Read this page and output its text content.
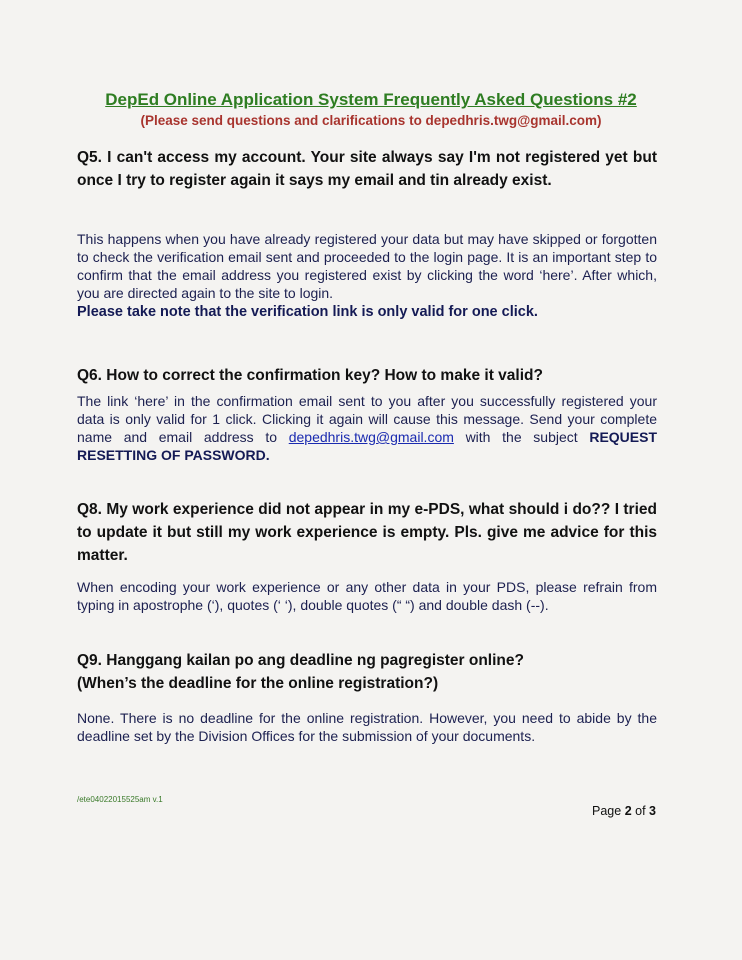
DepEd Online Application System Frequently Asked Questions #2
(Please send questions and clarifications to depedhris.twg@gmail.com)
Q5. I can't access my account. Your site always say I'm not registered yet but once I try to register again it says my email and tin already exist.
This happens when you have already registered your data but may have skipped or forgotten to check the verification email sent and proceeded to the login page. It is an important step to confirm that the email address you registered exist by clicking the word ‘here’. After which, you are directed again to the site to login.
Please take note that the verification link is only valid for one click.
Q6. How to correct the confirmation key? How to make it valid?
The link ‘here’ in the confirmation email sent to you after you successfully registered your data is only valid for 1 click. Clicking it again will cause this message. Send your complete name and email address to depedhris.twg@gmail.com with the subject REQUEST RESETTING OF PASSWORD.
Q8. My work experience did not appear in my e-PDS, what should i do?? I tried to update it but still my work experience is empty. Pls. give me advice for this matter.
When encoding your work experience or any other data in your PDS, please refrain from typing in apostrophe (‘), quotes (‘ ‘), double quotes (“ “) and double dash (--).
Q9. Hanggang kailan po ang deadline ng pagregister online?
(When’s the deadline for the online registration?)
None. There is no deadline for the online registration. However, you need to abide by the deadline set by the Division Offices for the submission of your documents.
/ete04022015525am v.1
Page 2 of 3
